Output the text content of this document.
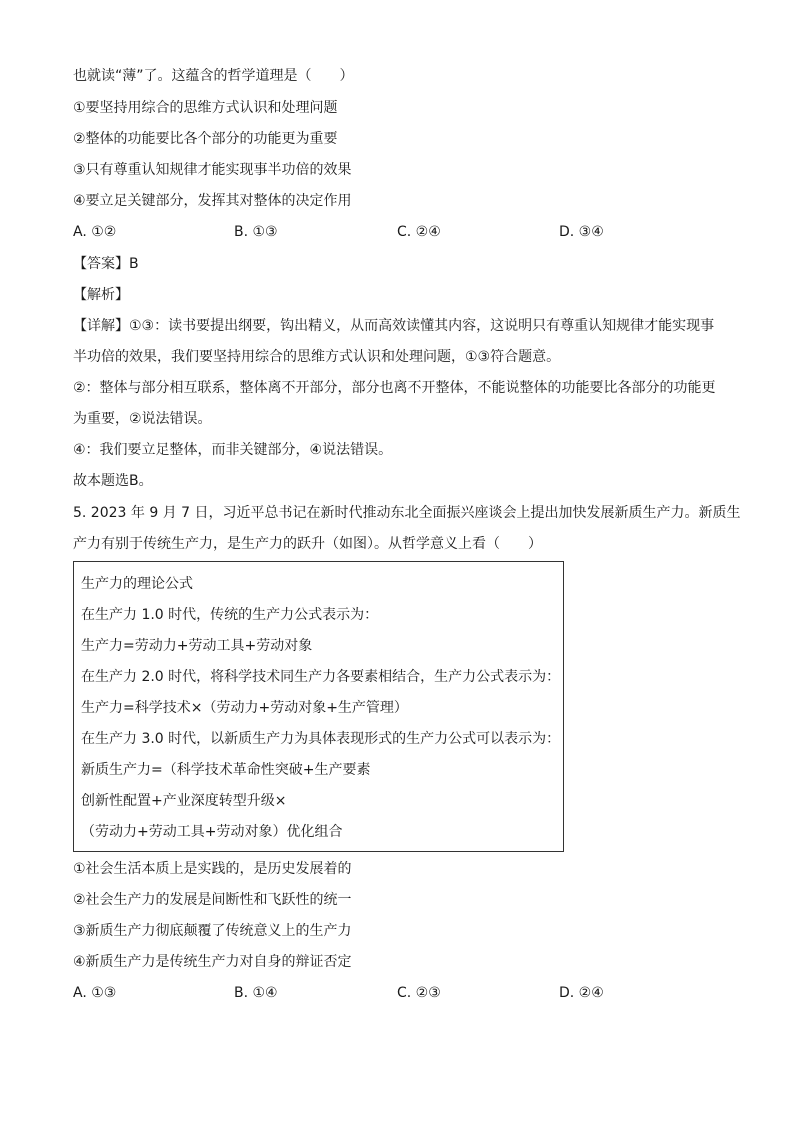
也就读“薄”了。这蕴含的哲学道理是（　　）
①要坚持用综合的思维方式认识和处理问题
②整体的功能要比各个部分的功能更为重要
③只有尊重认知规律才能实现事半功倍的效果
④要立足关键部分，发挥其对整体的决定作用
A. ①②	B. ①③	C. ②④	D. ③④
【答案】B
【解析】
【详解】①③：读书要提出纲要，钩出精义，从而高效读懂其内容，这说明只有尊重认知规律才能实现事
半功倍的效果，我们要坚持用综合的思维方式认识和处理问题，①③符合题意。
②：整体与部分相互联系，整体离不开部分，部分也离不开整体，不能说整体的功能要比各部分的功能更
为重要，②说法错误。
④：我们要立足整体，而非关键部分，④说法错误。
故本题选B。
5. 2023 年 9 月 7 日，习近平总书记在新时代推动东北全面振兴座谈会上提出加快发展新质生产力。新质生
产力有别于传统生产力，是生产力的跃升（如图）。从哲学意义上看（　　）
生产力的理论公式
在生产力 1.0 时代，传统的生产力公式表示为：
生产力=劳动力+劳动工具+劳动对象
在生产力 2.0 时代，将科学技术同生产力各要素相结合，生产力公式表示为：
生产力=科学技术×（劳动力+劳动对象+生产管理）
在生产力 3.0 时代，以新质生产力为具体表现形式的生产力公式可以表示为：
新质生产力=（科学技术革命性突破+生产要素
创新性配置+产业深度转型升级×
（劳动力+劳动工具+劳动对象）优化组合
①社会生活本质上是实践的，是历史发展着的
②社会生产力的发展是间断性和飞跃性的统一
③新质生产力彻底颠覆了传统意义上的生产力
④新质生产力是传统生产力对自身的辩证否定
A. ①③	B. ①④	C. ②③	D. ②④
